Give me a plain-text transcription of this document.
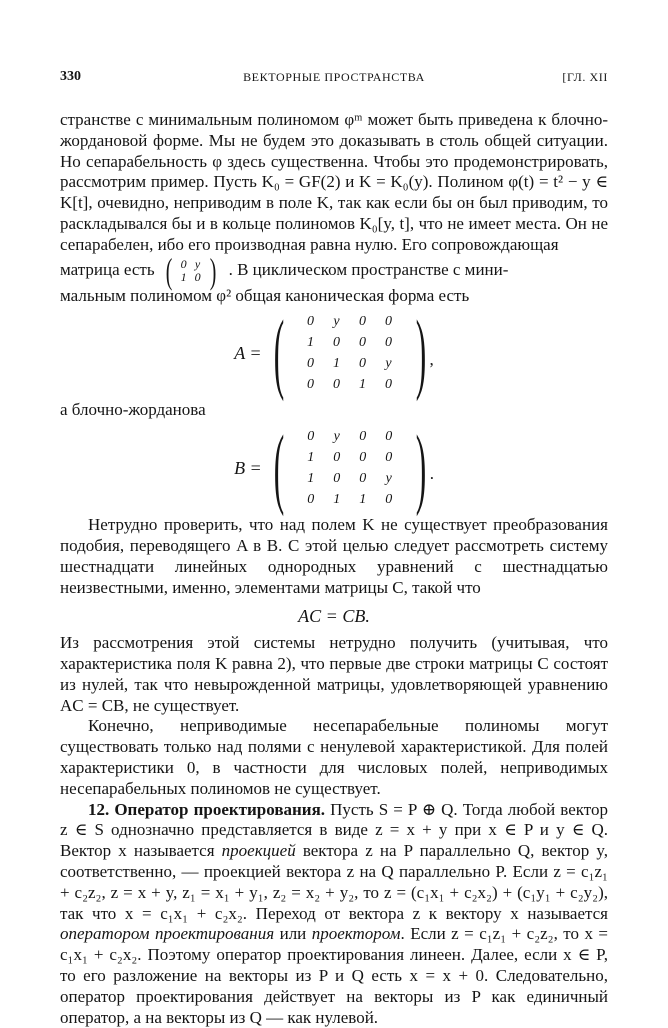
330	ВЕКТОРНЫЕ ПРОСТРАНСТВА	[ГЛ. XII

странстве с минимальным полиномом φᵐ может быть приведена к блочно-жордановой форме. Мы не будем это доказывать в столь общей ситуации. Но сепарабельность φ здесь существенна. Чтобы это продемонстрировать, рассмотрим пример. Пусть K₀ = GF(2) и K = K₀(y). Полином φ(t) = t² − y ∈ K[t], очевидно, неприводим в поле K, так как если бы он был приводим, то раскладывался бы и в кольце полиномов K₀[y, t], что не имеет места. Он не сепарабелен, ибо его производная равна нулю. Его сопровождающая

матрица есть ( 0 y
1 0 ) . В циклическом пространстве с мини-

мальным полиномом φ² общая каноническая форма есть

A = (	0	y	0	0
1	0	0	0
0	1	0	y
0	0	1	0 ) ,

а блочно-жорданова

B = (	0	y	0	0
1	0	0	0
1	0	0	y
0	1	1	0 ) .

Нетрудно проверить, что над полем K не существует преобразования подобия, переводящего A в B. С этой целью следует рассмотреть систему шестнадцати линейных однородных уравнений с шестнадцатью неизвестными, именно, элементами матрицы C, такой что

AC = CB.

Из рассмотрения этой системы нетрудно получить (учитывая, что характеристика поля K равна 2), что первые две строки матрицы C состоят из нулей, так что невырожденной матрицы, удовлетворяющей уравнению AC = CB, не существует.

Конечно, неприводимые несепарабельные полиномы могут существовать только над полями с ненулевой характеристикой. Для полей характеристики 0, в частности для числовых полей, неприводимых несепарабельных полиномов не существует.

12. Оператор проектирования. Пусть S = P ⊕ Q. Тогда любой вектор z ∈ S однозначно представляется в виде z = x + y при x ∈ P и y ∈ Q. Вектор x называется проекцией вектора z на P параллельно Q, вектор y, соответственно, — проекцией вектора z на Q параллельно P. Если z = c₁z₁ + c₂z₂, z = x + y, z₁ = x₁ + y₁, z₂ = x₂ + y₂, то z = (c₁x₁ + c₂x₂) + (c₁y₁ + c₂y₂), так что x = c₁x₁ + c₂x₂. Переход от вектора z к вектору x называется оператором проектирования или проектором. Если z = c₁z₁ + c₂z₂, то x = c₁x₁ + c₂x₂. Поэтому оператор проектирования линеен. Далее, если x ∈ P, то его разложение на векторы из P и Q есть x = x + 0. Следовательно, оператор проектирования действует на векторы из P как единичный оператор, а на векторы из Q — как нулевой.
